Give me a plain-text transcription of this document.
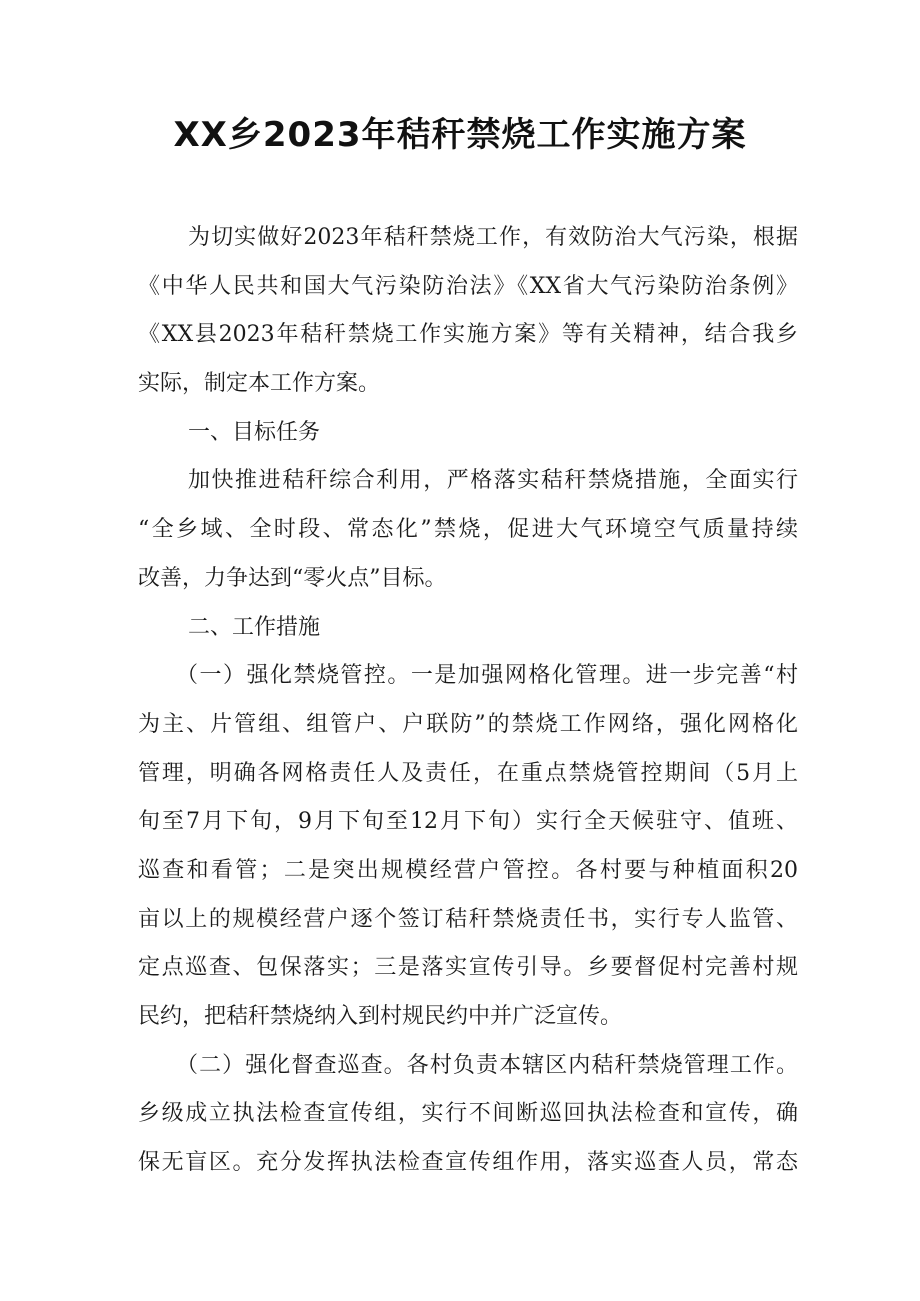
XX乡2023年秸秆禁烧工作实施方案
为切实做好2023年秸秆禁烧工作，有效防治大气污染，根据
《中华人民共和国大气污染防治法》《XX省大气污染防治条例》
《XX县2023年秸秆禁烧工作实施方案》等有关精神，结合我乡
实际，制定本工作方案。
一、目标任务
加快推进秸秆综合利用，严格落实秸秆禁烧措施，全面实行
“全乡域、全时段、常态化”禁烧，促进大气环境空气质量持续
改善，力争达到“零火点”目标。
二、工作措施
（一）强化禁烧管控。一是加强网格化管理。进一步完善“村
为主、片管组、组管户、户联防”的禁烧工作网络，强化网格化
管理，明确各网格责任人及责任，在重点禁烧管控期间（5月上
旬至7月下旬，9月下旬至12月下旬）实行全天候驻守、值班、
巡查和看管；二是突出规模经营户管控。各村要与种植面积20
亩以上的规模经营户逐个签订秸秆禁烧责任书，实行专人监管、
定点巡查、包保落实；三是落实宣传引导。乡要督促村完善村规
民约，把秸秆禁烧纳入到村规民约中并广泛宣传。
（二）强化督查巡查。各村负责本辖区内秸秆禁烧管理工作。
乡级成立执法检查宣传组，实行不间断巡回执法检查和宣传，确
保无盲区。充分发挥执法检查宣传组作用，落实巡查人员，常态
